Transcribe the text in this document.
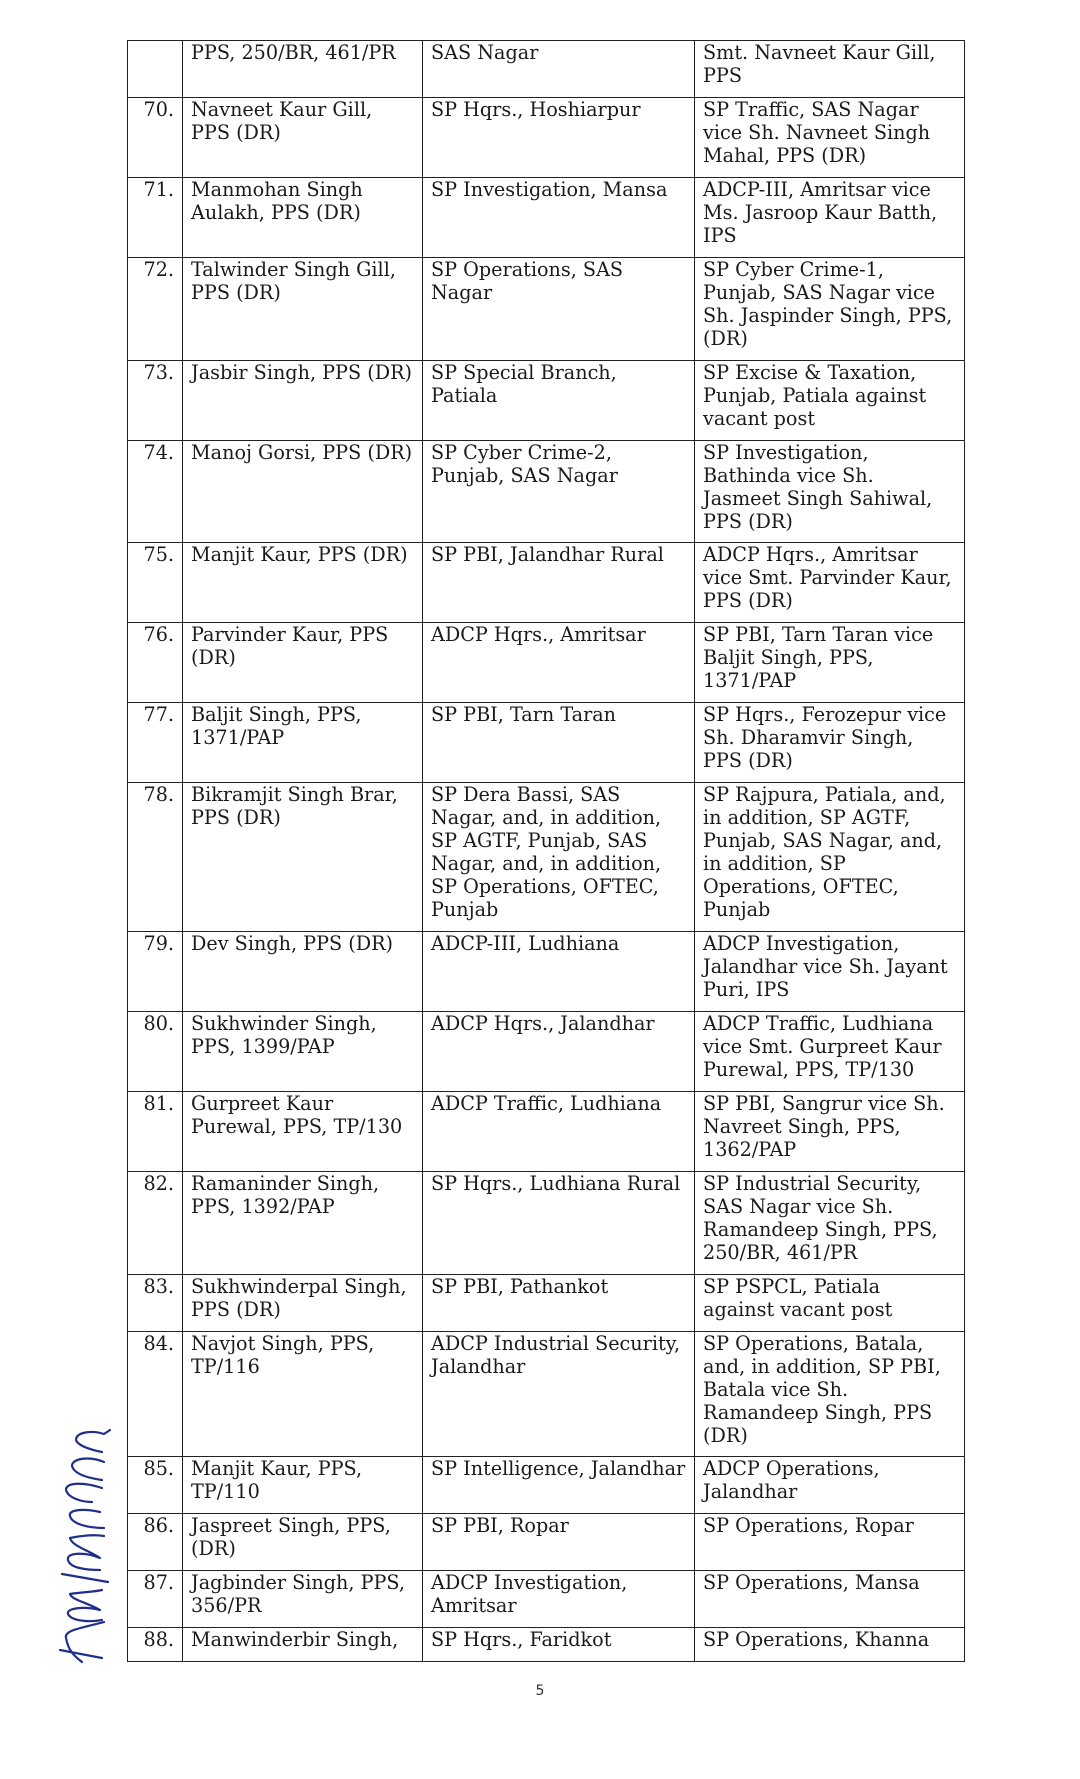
	PPS, 250/BR, 461/PR	SAS Nagar	Smt. Navneet Kaur Gill, PPS
70.	Navneet Kaur Gill, PPS (DR)	SP Hqrs., Hoshiarpur	SP Traffic, SAS Nagar vice Sh. Navneet Singh Mahal, PPS (DR)
71.	Manmohan Singh Aulakh, PPS (DR)	SP Investigation, Mansa	ADCP-III, Amritsar vice Ms. Jasroop Kaur Batth, IPS
72.	Talwinder Singh Gill, PPS (DR)	SP Operations, SAS Nagar	SP Cyber Crime-1, Punjab, SAS Nagar vice Sh. Jaspinder Singh, PPS, (DR)
73.	Jasbir Singh, PPS (DR)	SP Special Branch, Patiala	SP Excise & Taxation, Punjab, Patiala against vacant post
74.	Manoj Gorsi, PPS (DR)	SP Cyber Crime-2, Punjab, SAS Nagar	SP Investigation, Bathinda vice Sh. Jasmeet Singh Sahiwal, PPS (DR)
75.	Manjit Kaur, PPS (DR)	SP PBI, Jalandhar Rural	ADCP Hqrs., Amritsar vice Smt. Parvinder Kaur, PPS (DR)
76.	Parvinder Kaur, PPS (DR)	ADCP Hqrs., Amritsar	SP PBI, Tarn Taran vice Baljit Singh, PPS, 1371/PAP
77.	Baljit Singh, PPS, 1371/PAP	SP PBI, Tarn Taran	SP Hqrs., Ferozepur vice Sh. Dharamvir Singh, PPS (DR)
78.	Bikramjit Singh Brar, PPS (DR)	SP Dera Bassi, SAS Nagar, and, in addition, SP AGTF, Punjab, SAS Nagar, and, in addition, SP Operations, OFTEC, Punjab	SP Rajpura, Patiala, and, in addition, SP AGTF, Punjab, SAS Nagar, and, in addition, SP Operations, OFTEC, Punjab
79.	Dev Singh, PPS (DR)	ADCP-III, Ludhiana	ADCP Investigation, Jalandhar vice Sh. Jayant Puri, IPS
80.	Sukhwinder Singh, PPS, 1399/PAP	ADCP Hqrs., Jalandhar	ADCP Traffic, Ludhiana vice Smt. Gurpreet Kaur Purewal, PPS, TP/130
81.	Gurpreet Kaur Purewal, PPS, TP/130	ADCP Traffic, Ludhiana	SP PBI, Sangrur vice Sh. Navreet Singh, PPS, 1362/PAP
82.	Ramaninder Singh, PPS, 1392/PAP	SP Hqrs., Ludhiana Rural	SP Industrial Security, SAS Nagar vice Sh. Ramandeep Singh, PPS, 250/BR, 461/PR
83.	Sukhwinderpal Singh, PPS (DR)	SP PBI, Pathankot	SP PSPCL, Patiala against vacant post
84.	Navjot Singh, PPS, TP/116	ADCP Industrial Security, Jalandhar	SP Operations, Batala, and, in addition, SP PBI, Batala vice Sh. Ramandeep Singh, PPS (DR)
85.	Manjit Kaur, PPS, TP/110	SP Intelligence, Jalandhar	ADCP Operations, Jalandhar
86.	Jaspreet Singh, PPS, (DR)	SP PBI, Ropar	SP Operations, Ropar
87.	Jagbinder Singh, PPS, 356/PR	ADCP Investigation, Amritsar	SP Operations, Mansa
88.	Manwinderbir Singh,	SP Hqrs., Faridkot	SP Operations, Khanna
5
